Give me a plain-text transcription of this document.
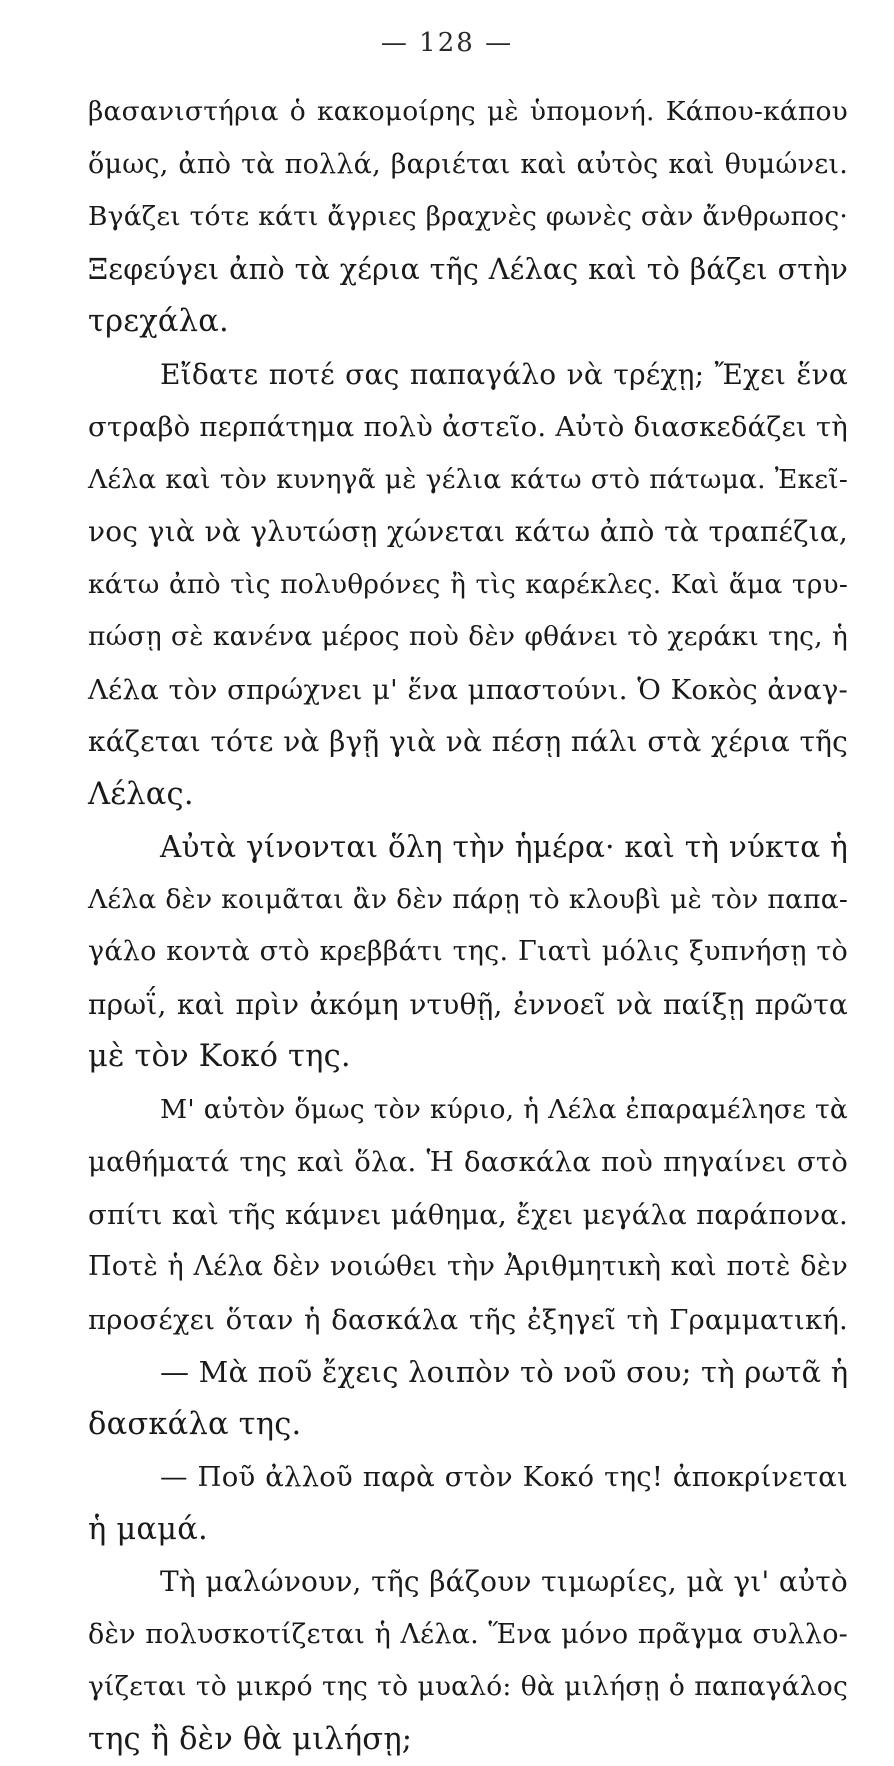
— 128 —
βασανιστήρια ὁ κακομοίρης μὲ ὑπομονή. Κάπου-κάπου
ὅμως, ἀπὸ τὰ πολλά, βαριέται καὶ αὐτὸς καὶ θυμώνει.
Βγάζει τότε κάτι ἄγριες βραχνὲς φωνὲς σὰν ἄνθρωπος·
Ξεφεύγει ἀπὸ τὰ χέρια τῆς Λέλας καὶ τὸ βάζει στὴν
τρεχάλα.
Εἴδατε ποτέ σας παπαγάλο νὰ τρέχῃ; Ἔχει ἕνα
στραβὸ περπάτημα πολὺ ἀστεῖο. Αὐτὸ διασκεδάζει τὴ
Λέλα καὶ τὸν κυνηγᾶ μὲ γέλια κάτω στὸ πάτωμα. Ἐκεῖ-
νος γιὰ νὰ γλυτώσῃ χώνεται κάτω ἀπὸ τὰ τραπέζια,
κάτω ἀπὸ τὶς πολυθρόνες ἢ τὶς καρέκλες. Καὶ ἅμα τρυ-
πώσῃ σὲ κανένα μέρος ποὺ δὲν φθάνει τὸ χεράκι της, ἡ
Λέλα τὸν σπρώχνει μ' ἕνα μπαστούνι. Ὁ Κοκὸς ἀναγ-
κάζεται τότε νὰ βγῇ γιὰ νὰ πέσῃ πάλι στὰ χέρια τῆς
Λέλας.
Αὐτὰ γίνονται ὅλη τὴν ἡμέρα· καὶ τὴ νύκτα ἡ
Λέλα δὲν κοιμᾶται ἂν δὲν πάρῃ τὸ κλουβὶ μὲ τὸν παπα-
γάλο κοντὰ στὸ κρεββάτι της. Γιατὶ μόλις ξυπνήσῃ τὸ
πρωΐ, καὶ πρὶν ἀκόμη ντυθῇ, ἐννοεῖ νὰ παίξῃ πρῶτα
μὲ τὸν Κοκό της.
Μ' αὐτὸν ὅμως τὸν κύριο, ἡ Λέλα ἐπαραμέλησε τὰ
μαθήματά της καὶ ὅλα. Ἡ δασκάλα ποὺ πηγαίνει στὸ
σπίτι καὶ τῆς κάμνει μάθημα, ἔχει μεγάλα παράπονα.
Ποτὲ ἡ Λέλα δὲν νοιώθει τὴν Ἀριθμητικὴ καὶ ποτὲ δὲν
προσέχει ὅταν ἡ δασκάλα τῆς ἐξηγεῖ τὴ Γραμματική.
— Μὰ ποῦ ἔχεις λοιπὸν τὸ νοῦ σου; τὴ ρωτᾶ ἡ
δασκάλα της.
— Ποῦ ἀλλοῦ παρὰ στὸν Κοκό της! ἀποκρίνεται
ἡ μαμά.
Τὴ μαλώνουν, τῆς βάζουν τιμωρίες, μὰ γι' αὐτὸ
δὲν πολυσκοτίζεται ἡ Λέλα. Ἕνα μόνο πρᾶγμα συλλο-
γίζεται τὸ μικρό της τὸ μυαλό: θὰ μιλήσῃ ὁ παπαγάλος
της ἢ δὲν θὰ μιλήσῃ;
